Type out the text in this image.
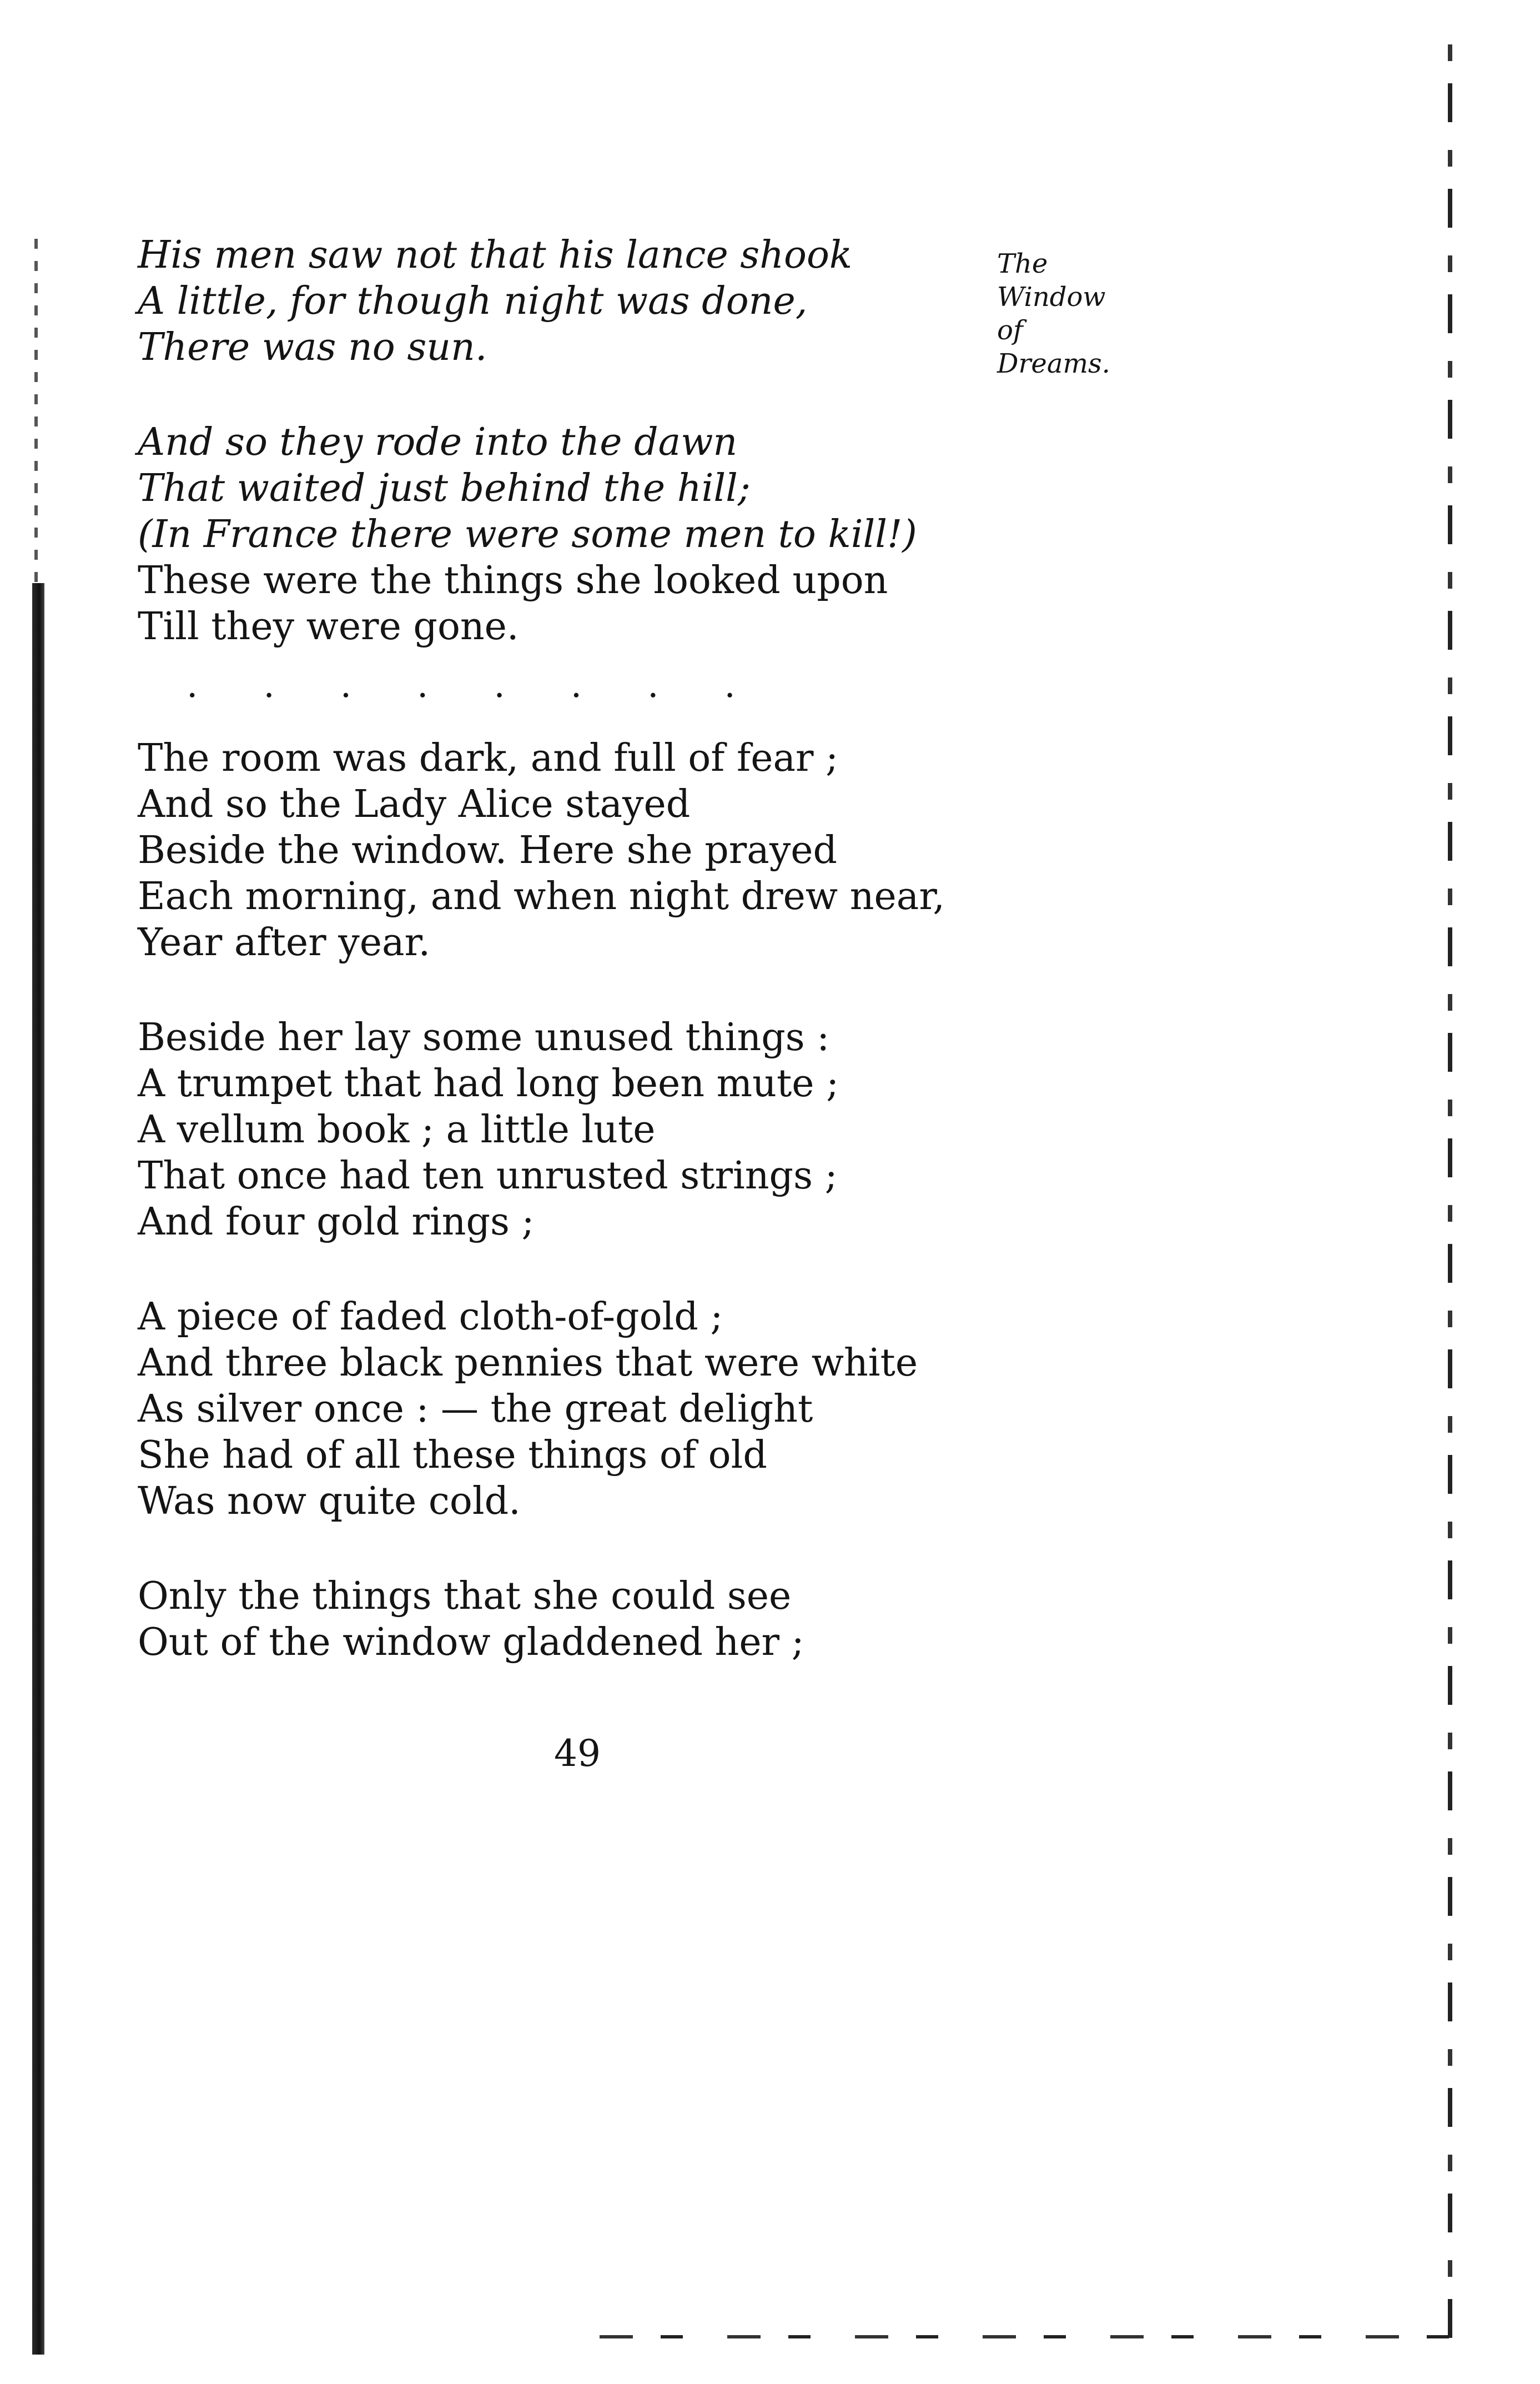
The
Window
of
Dreams.
His men saw not that his lance shook
A little, for though night was done,
There was no sun.
And so they rode into the dawn
That waited just behind the hill;
(In France there were some men to kill!)
These were the things she looked upon
Till they were gone.
........
The room was dark, and full of fear ;
And so the Lady Alice stayed
Beside the window. Here she prayed
Each morning, and when night drew near,
Year after year.
Beside her lay some unused things :
A trumpet that had long been mute ;
A vellum book ; a little lute
That once had ten unrusted strings ;
And four gold rings ;
A piece of faded cloth-of-gold ;
And three black pennies that were white
As silver once : — the great delight
She had of all these things of old
Was now quite cold.
Only the things that she could see
Out of the window gladdened her ;
49
